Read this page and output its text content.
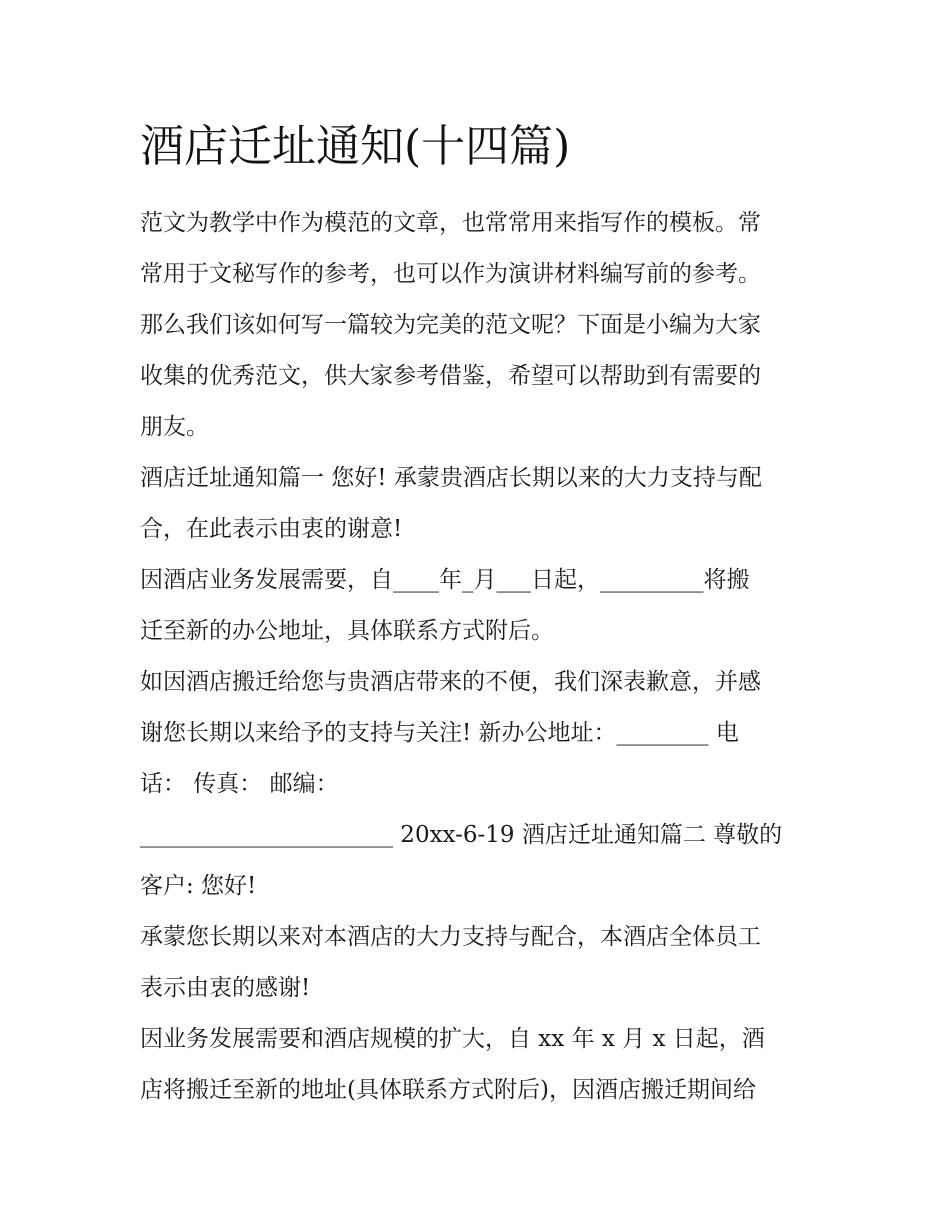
酒店迁址通知(十四篇)

范文为教学中作为模范的文章，也常常用来指写作的模板。常
常用于文秘写作的参考，也可以作为演讲材料编写前的参考。
那么我们该如何写一篇较为完美的范文呢？下面是小编为大家
收集的优秀范文，供大家参考借鉴，希望可以帮助到有需要的
朋友。

酒店迁址通知篇一 您好! 承蒙贵酒店长期以来的大力支持与配
合，在此表示由衷的谢意!

因酒店业务发展需要，自____年_月___日起，_________将搬
迁至新的办公地址，具体联系方式附后。

如因酒店搬迁给您与贵酒店带来的不便，我们深表歉意，并感
谢您长期以来给予的支持与关注! 新办公地址：________ 电
话： 传真： 邮编：

______________________ 20xx-6-19 酒店迁址通知篇二 尊敬的
客户: 您好!

承蒙您长期以来对本酒店的大力支持与配合，本酒店全体员工
表示由衷的感谢!

因业务发展需要和酒店规模的扩大，自 xx 年 x 月 x 日起，酒
店将搬迁至新的地址(具体联系方式附后)，因酒店搬迁期间给
